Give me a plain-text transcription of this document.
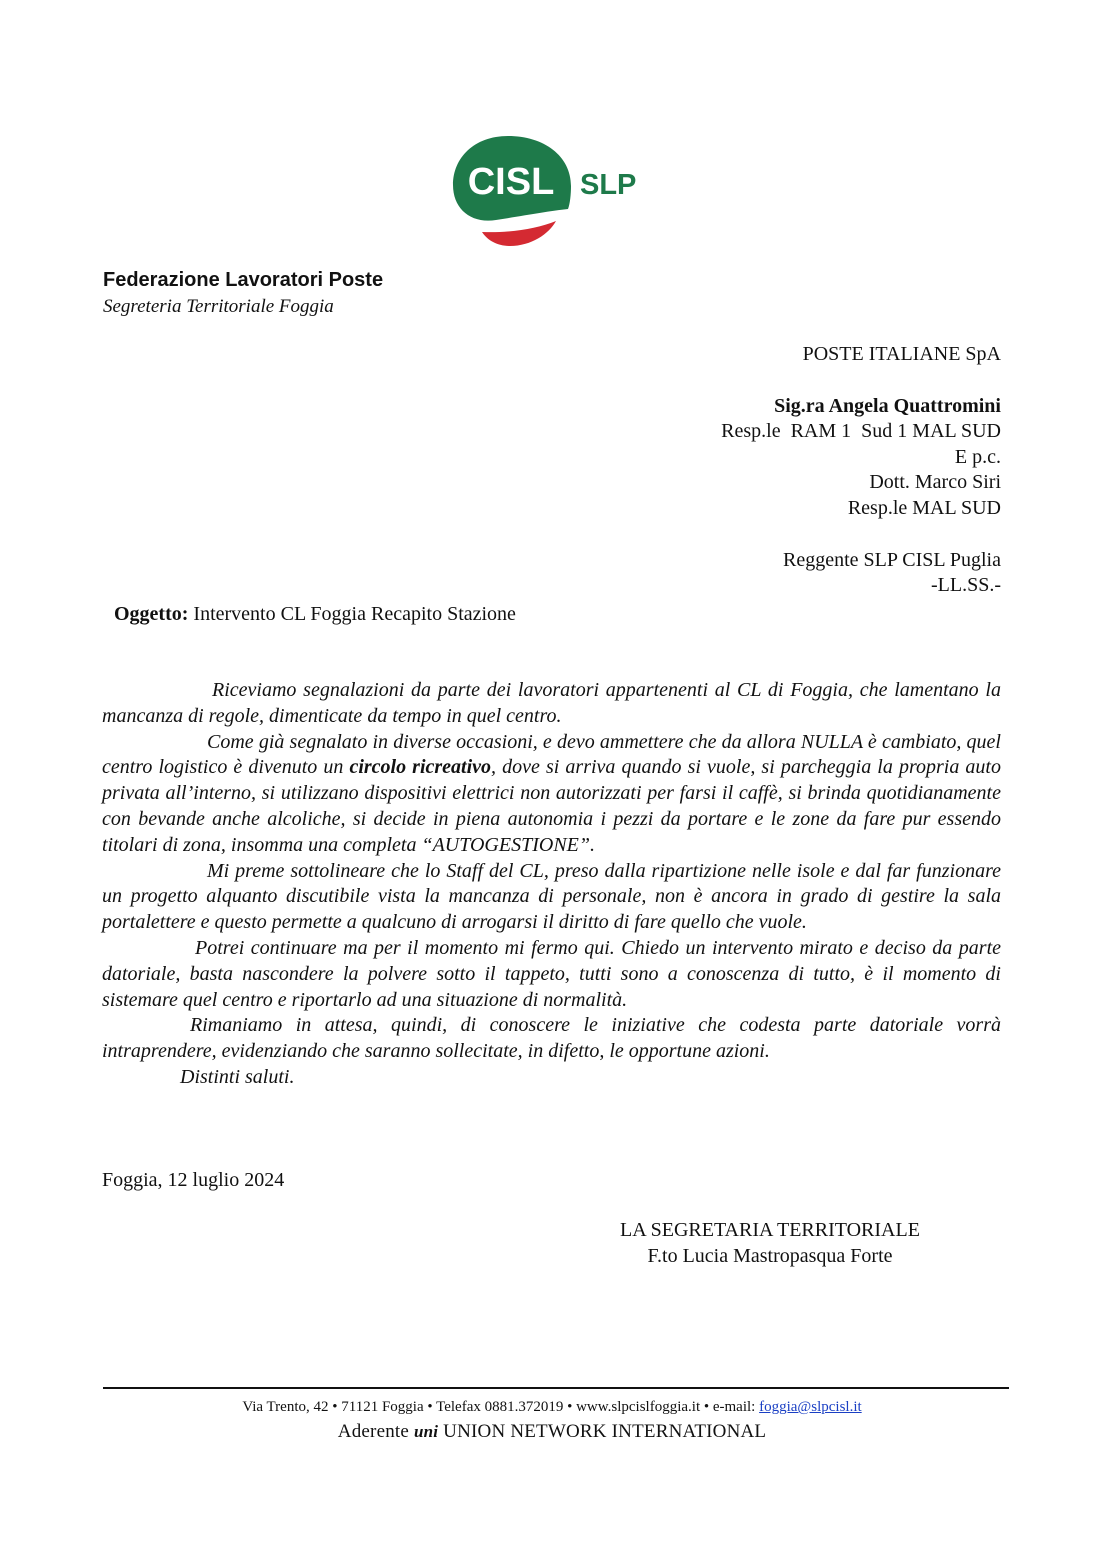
CISL SLP
Federazione Lavoratori Poste
Segreteria Territoriale Foggia
POSTE ITALIANE SpA
Sig.ra Angela Quattromini
Resp.le  RAM 1  Sud 1 MAL SUD
E p.c.
Dott. Marco Siri
Resp.le MAL SUD
Reggente SLP CISL Puglia
-LL.SS.-
Oggetto: Intervento CL Foggia Recapito Stazione

Riceviamo segnalazioni da parte dei lavoratori appartenenti al CL di Foggia, che lamentano la mancanza di regole, dimenticate da tempo in quel centro.

Come già segnalato in diverse occasioni, e devo ammettere che da allora NULLA è cambiato, quel centro logistico è divenuto un circolo ricreativo, dove si arriva quando si vuole, si parcheggia la propria auto privata all’interno, si utilizzano dispositivi elettrici non autorizzati per farsi il caffè, si brinda quotidianamente con bevande anche alcoliche, si decide in piena autonomia i pezzi da portare e le zone da fare pur essendo titolari di zona, insomma una completa “AUTOGESTIONE”.

Mi preme sottolineare che lo Staff del CL, preso dalla ripartizione nelle isole e dal far funzionare un progetto alquanto discutibile vista la mancanza di personale, non è ancora in grado di gestire la sala portalettere e questo permette a qualcuno di arrogarsi il diritto di fare quello che vuole.

Potrei continuare ma per il momento mi fermo qui. Chiedo un intervento mirato e deciso da parte datoriale, basta nascondere la polvere sotto il tappeto, tutti sono a conoscenza di tutto, è il momento di sistemare quel centro e riportarlo ad una situazione di normalità.

Rimaniamo in attesa, quindi, di conoscere le iniziative che codesta parte datoriale vorrà intraprendere, evidenziando che saranno sollecitate, in difetto, le opportune azioni.

Distinti saluti.

Foggia, 12 luglio 2024
LA SEGRETARIA TERRITORIALE
F.to Lucia Mastropasqua Forte
Via Trento, 42 • 71121 Foggia • Telefax 0881.372019 • www.slpcislfoggia.it • e-mail: foggia@slpcisl.it
Aderente uni UNION NETWORK INTERNATIONAL
